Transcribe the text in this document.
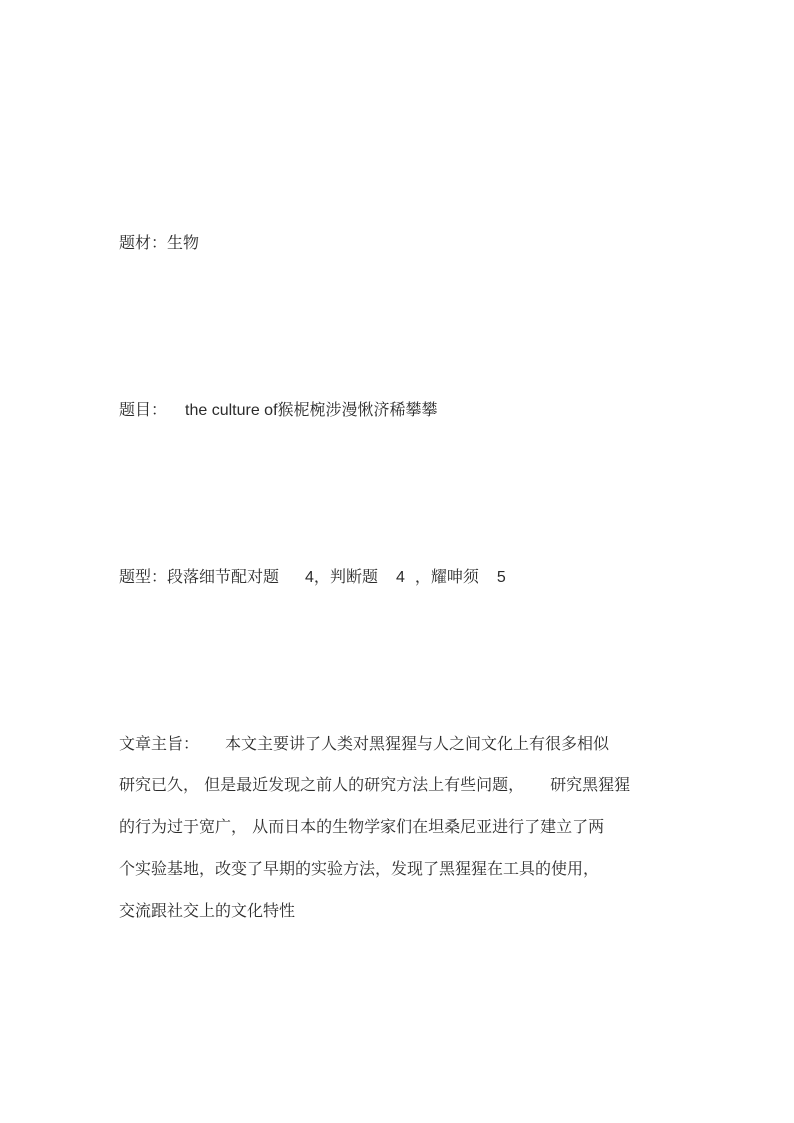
题材：生物
题目： the culture of猴柅椀涉漫愀济稀攀攀
题型：段落细节配对题 4，判断题 4 ，耀呻须 5
文章主旨： 本文主要讲了人类对黑猩猩与人之间文化上有很多相似
研究已久， 但是最近发现之前人的研究方法上有些问题， 研究黑猩猩
的行为过于宽广， 从而日本的生物学家们在坦桑尼亚进行了建立了两
个实验基地，改变了早期的实验方法，发现了黑猩猩在工具的使用，
交流跟社交上的文化特性
